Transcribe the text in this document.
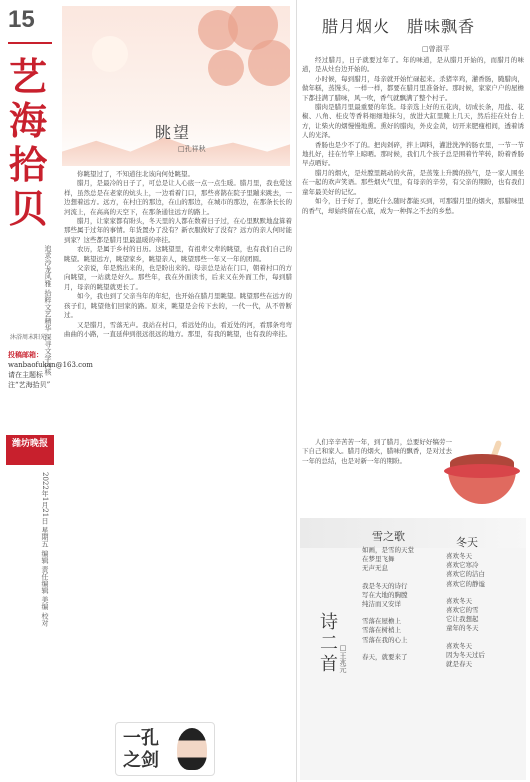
15
艺海拾贝
追求沙龙风雅 拾粹文艺精华 探寻文学内核
沐浴周末阳光
投稿邮箱：
wanbaofukan@163.com
请在主题标注“艺海拾贝”
潍坊晚报
2022年1月21日 星期五 编辑 责任编辑 美编 校对
眺望
□孔祥秋

你眺望过了，不知道往北该向何处眺望。

腊月，是最冷的日子了，可总是让人心底一点一点生暖。腊月里，我也爱这样，虽然总是在老家的炕头上，一边看着门口，那些喜鹊在院子里蹦来跳去，一边想着远方。远方，在村庄的那边，在山的那边，在城市的那边，在那条长长的河流上，在高高的天空下，在那条通往远方的路上。

腊月，让家家都有盼头，冬天里的人都在数着日子过，在心里默默地盘算着那些属于过年的事情。年货置办了没有？新衣服做好了没有？远方的亲人何时能到家？这些都是腊月里最温暖的牵挂。

农历，是属于乡村的日历。这眺望里，有祖辈父辈的眺望，也有我们自己的眺望。眺望远方，眺望家乡，眺望亲人，眺望那些一年又一年的团圆。

父亲说，年是熬出来的，也是盼出来的。母亲总是站在门口，朝着村口的方向眺望，一站就是好久。那些年，我在外面读书，后来又在外面工作，每到腊月，母亲的眺望就更长了。

如今，我也到了父亲当年的年纪，也开始在腊月里眺望。眺望那些在远方的孩子们，眺望他们回家的路。原来，眺望是会传下去的，一代一代，从不曾断过。

又是腊月，雪落无声。我站在村口，看远处的山，看近处的河，看那条弯弯曲曲的小路，一直延伸到很远很远的地方。那里，有我的眺望，也有我的牵挂。

一孔
之剑
腊月烟火　腊味飘香
□曾淑平

经过腊月，日子就要过年了。年的味道，是从腊月开始的，而腊月的味道，是从灶台边开始的。

小时候，每到腊月，母亲就开始忙碌起来。杀猪宰鸡，灌香肠，腌腊肉，做年糕，蒸馒头，一样一样，都要在腊月里准备好。那时候，家家户户的屋檐下都挂满了腊味，风一吹，香气就飘满了整个村子。

腊肉是腊月里最重要的年货。母亲选上好的五花肉，切成长条，用盐、花椒、八角、桂皮等香料细细地抹匀，放进大缸里腌上几天，然后挂在灶台上方，让柴火的烟慢慢地熏。熏好的腊肉，外皮金黄，切开来肥瘦相间，透着诱人的光泽。

香肠也是少不了的。把肉剁碎，拌上调料，灌进洗净的肠衣里，一节一节地扎好，挂在竹竿上晾晒。那时候，我们几个孩子总是围着竹竿转，盼着香肠早点晒好。

腊月的烟火，是灶膛里跳动的火苗，是蒸笼上升腾的热气，是一家人围坐在一起的欢声笑语。那些烟火气里，有母亲的辛劳，有父亲的期盼，也有我们童年最美好的记忆。

如今，日子好了，想吃什么随时都能买到，可那腊月里的烟火，那腊味里的香气，却始终留在心底，成为一种挥之不去的乡愁。

人们辛辛苦苦一年，到了腊月，总要好好犒劳一下自己和家人。腊月的烟火，腊味的飘香，是对过去一年的总结，也是对新一年的期盼。

诗二首 □王兆元
雪之歌
如画，是雪的天堂
在梦里飞舞
无声无息
我是冬天的诗行
写在大地的胸膛
纯洁而又安详
雪落在屋檐上
雪落在树梢上
雪落在我的心上
春天，就要来了
冬天
喜欢冬天
喜欢它寒冷
喜欢它的洁白
喜欢它的静谧
喜欢冬天
喜欢它的雪
它让我想起
童年的冬天
喜欢冬天
因为冬天过后
就是春天
